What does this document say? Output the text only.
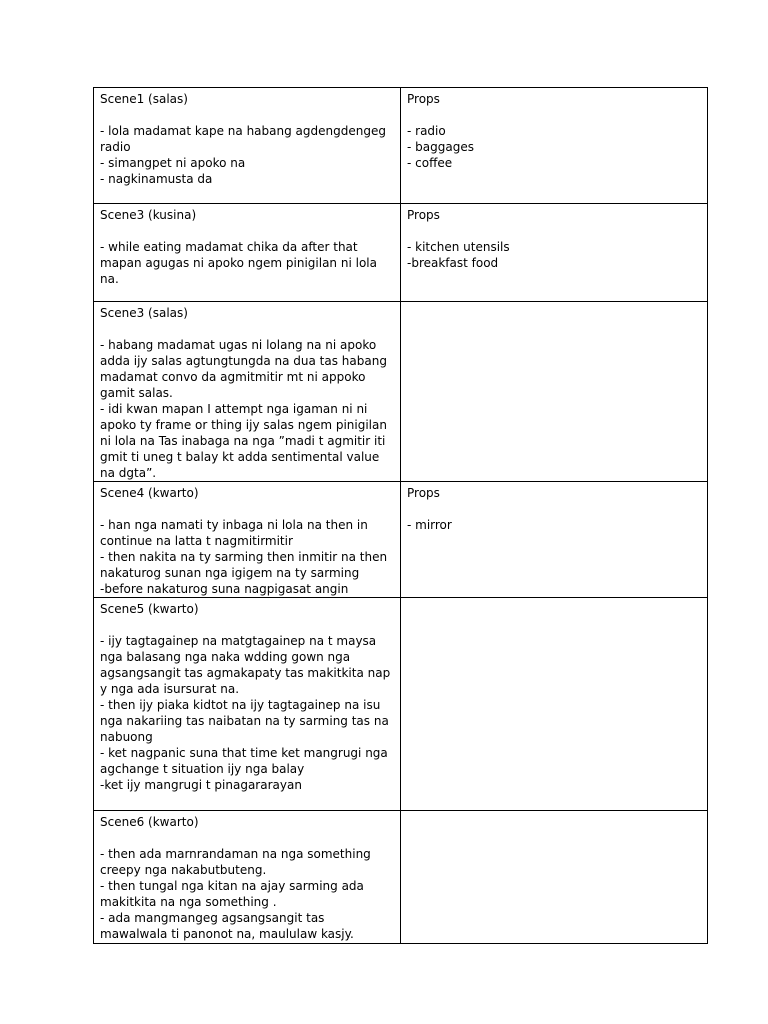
Scene1 (salas)
- lola madamat kape na habang agdengdengeg radio
- simangpet ni apoko na
- nagkinamusta da	Props
- radio
- baggages
- coffee

Scene3 (kusina)
- while eating madamat chika da after that mapan agugas ni apoko ngem pinigilan ni lola na.	Props
- kitchen utensils
-breakfast food

Scene3 (salas)
- habang madamat ugas ni lolang na ni apoko adda ijy salas agtungtungda na dua tas habang madamat convo da agmitmitir mt ni appoko gamit salas.
- idi kwan mapan I attempt nga igaman ni ni apoko ty frame or thing ijy salas ngem pinigilan ni lola na Tas inabaga na nga ”madi t agmitir iti gmit ti uneg t balay kt adda sentimental value na dgta”.	

Scene4 (kwarto)
- han nga namati ty inbaga ni lola na then in continue na latta t nagmitirmitir
- then nakita na ty sarming then inmitir na then nakaturog sunan nga igigem na ty sarming
-before nakaturog suna nagpigasat angin	Props
- mirror

Scene5 (kwarto)
- ijy tagtagainep na matgtagainep na t maysa nga balasang nga naka wdding gown nga agsangsangit tas agmakapaty tas makitkita nap y nga ada isursurat na.
- then ijy piaka kidtot na ijy tagtagainep na isu nga nakariing tas naibatan na ty sarming tas na nabuong
- ket nagpanic suna that time ket mangrugi nga agchange t situation ijy nga balay
-ket ijy mangrugi t pinagararayan	

Scene6 (kwarto)
- then ada marnrandaman na nga something creepy nga nakabutbuteng.
- then tungal nga kitan na ajay sarming ada makitkita na nga something .
- ada mangmangeg agsangsangit tas mawalwala ti panonot na, maululaw kasjy.	
